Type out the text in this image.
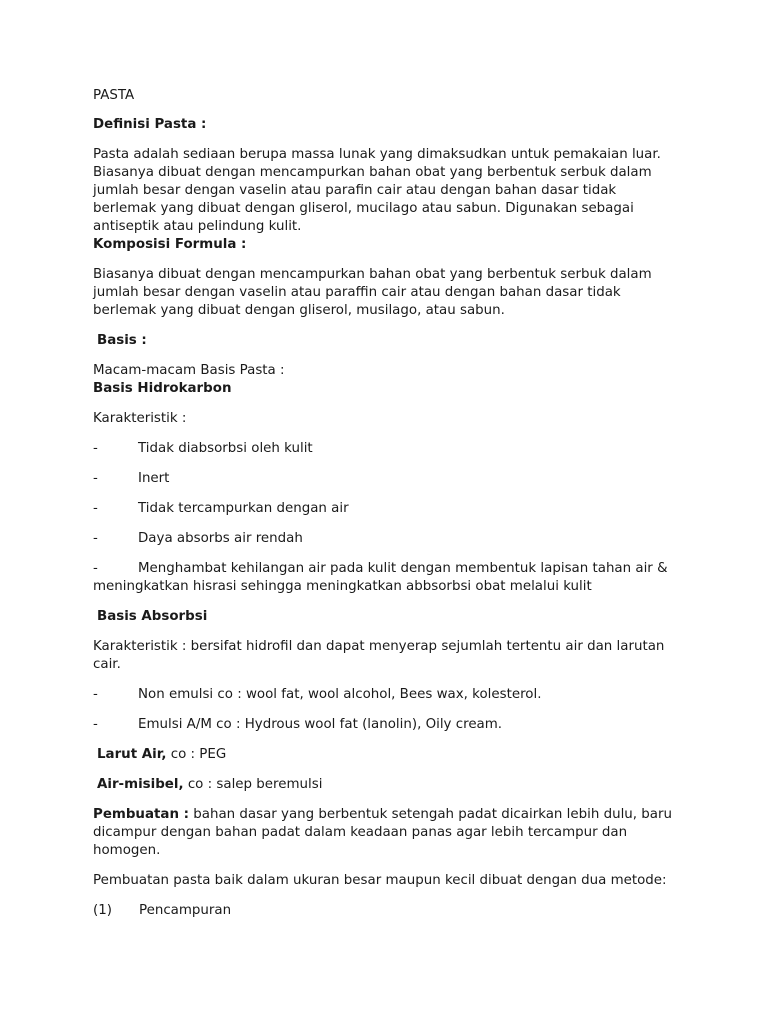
PASTA

Definisi Pasta :

Pasta adalah sediaan berupa massa lunak yang dimaksudkan untuk pemakaian luar. Biasanya dibuat dengan mencampurkan bahan obat yang berbentuk serbuk dalam jumlah besar dengan vaselin atau parafin cair atau dengan bahan dasar tidak berlemak yang dibuat dengan gliserol, mucilago atau sabun. Digunakan sebagai antiseptik atau pelindung kulit.

Komposisi Formula :

Biasanya dibuat dengan mencampurkan bahan obat yang berbentuk serbuk dalam jumlah besar dengan vaselin atau paraffin cair atau dengan bahan dasar tidak berlemak yang dibuat dengan gliserol, musilago, atau sabun.

Basis :

Macam-macam Basis Pasta :

Basis Hidrokarbon

Karakteristik :

-	Tidak diabsorbsi oleh kulit
-	Inert
-	Tidak tercampurkan dengan air
-	Daya absorbs air rendah

-	Menghambat kehilangan air pada kulit dengan membentuk lapisan tahan air & meningkatkan hisrasi sehingga meningkatkan abbsorbsi obat melalui kulit

Basis Absorbsi

Karakteristik : bersifat hidrofil dan dapat menyerap sejumlah tertentu air dan larutan cair.

-	Non emulsi co : wool fat, wool alcohol, Bees wax, kolesterol.
-	Emulsi A/M co : Hydrous wool fat (lanolin), Oily cream.

Larut Air, co : PEG

Air-misibel, co : salep beremulsi

Pembuatan : bahan dasar yang berbentuk setengah padat dicairkan lebih dulu, baru dicampur dengan bahan padat dalam keadaan panas agar lebih tercampur dan homogen.

Pembuatan pasta baik dalam ukuran besar maupun kecil dibuat dengan dua metode:

(1) Pencampuran
